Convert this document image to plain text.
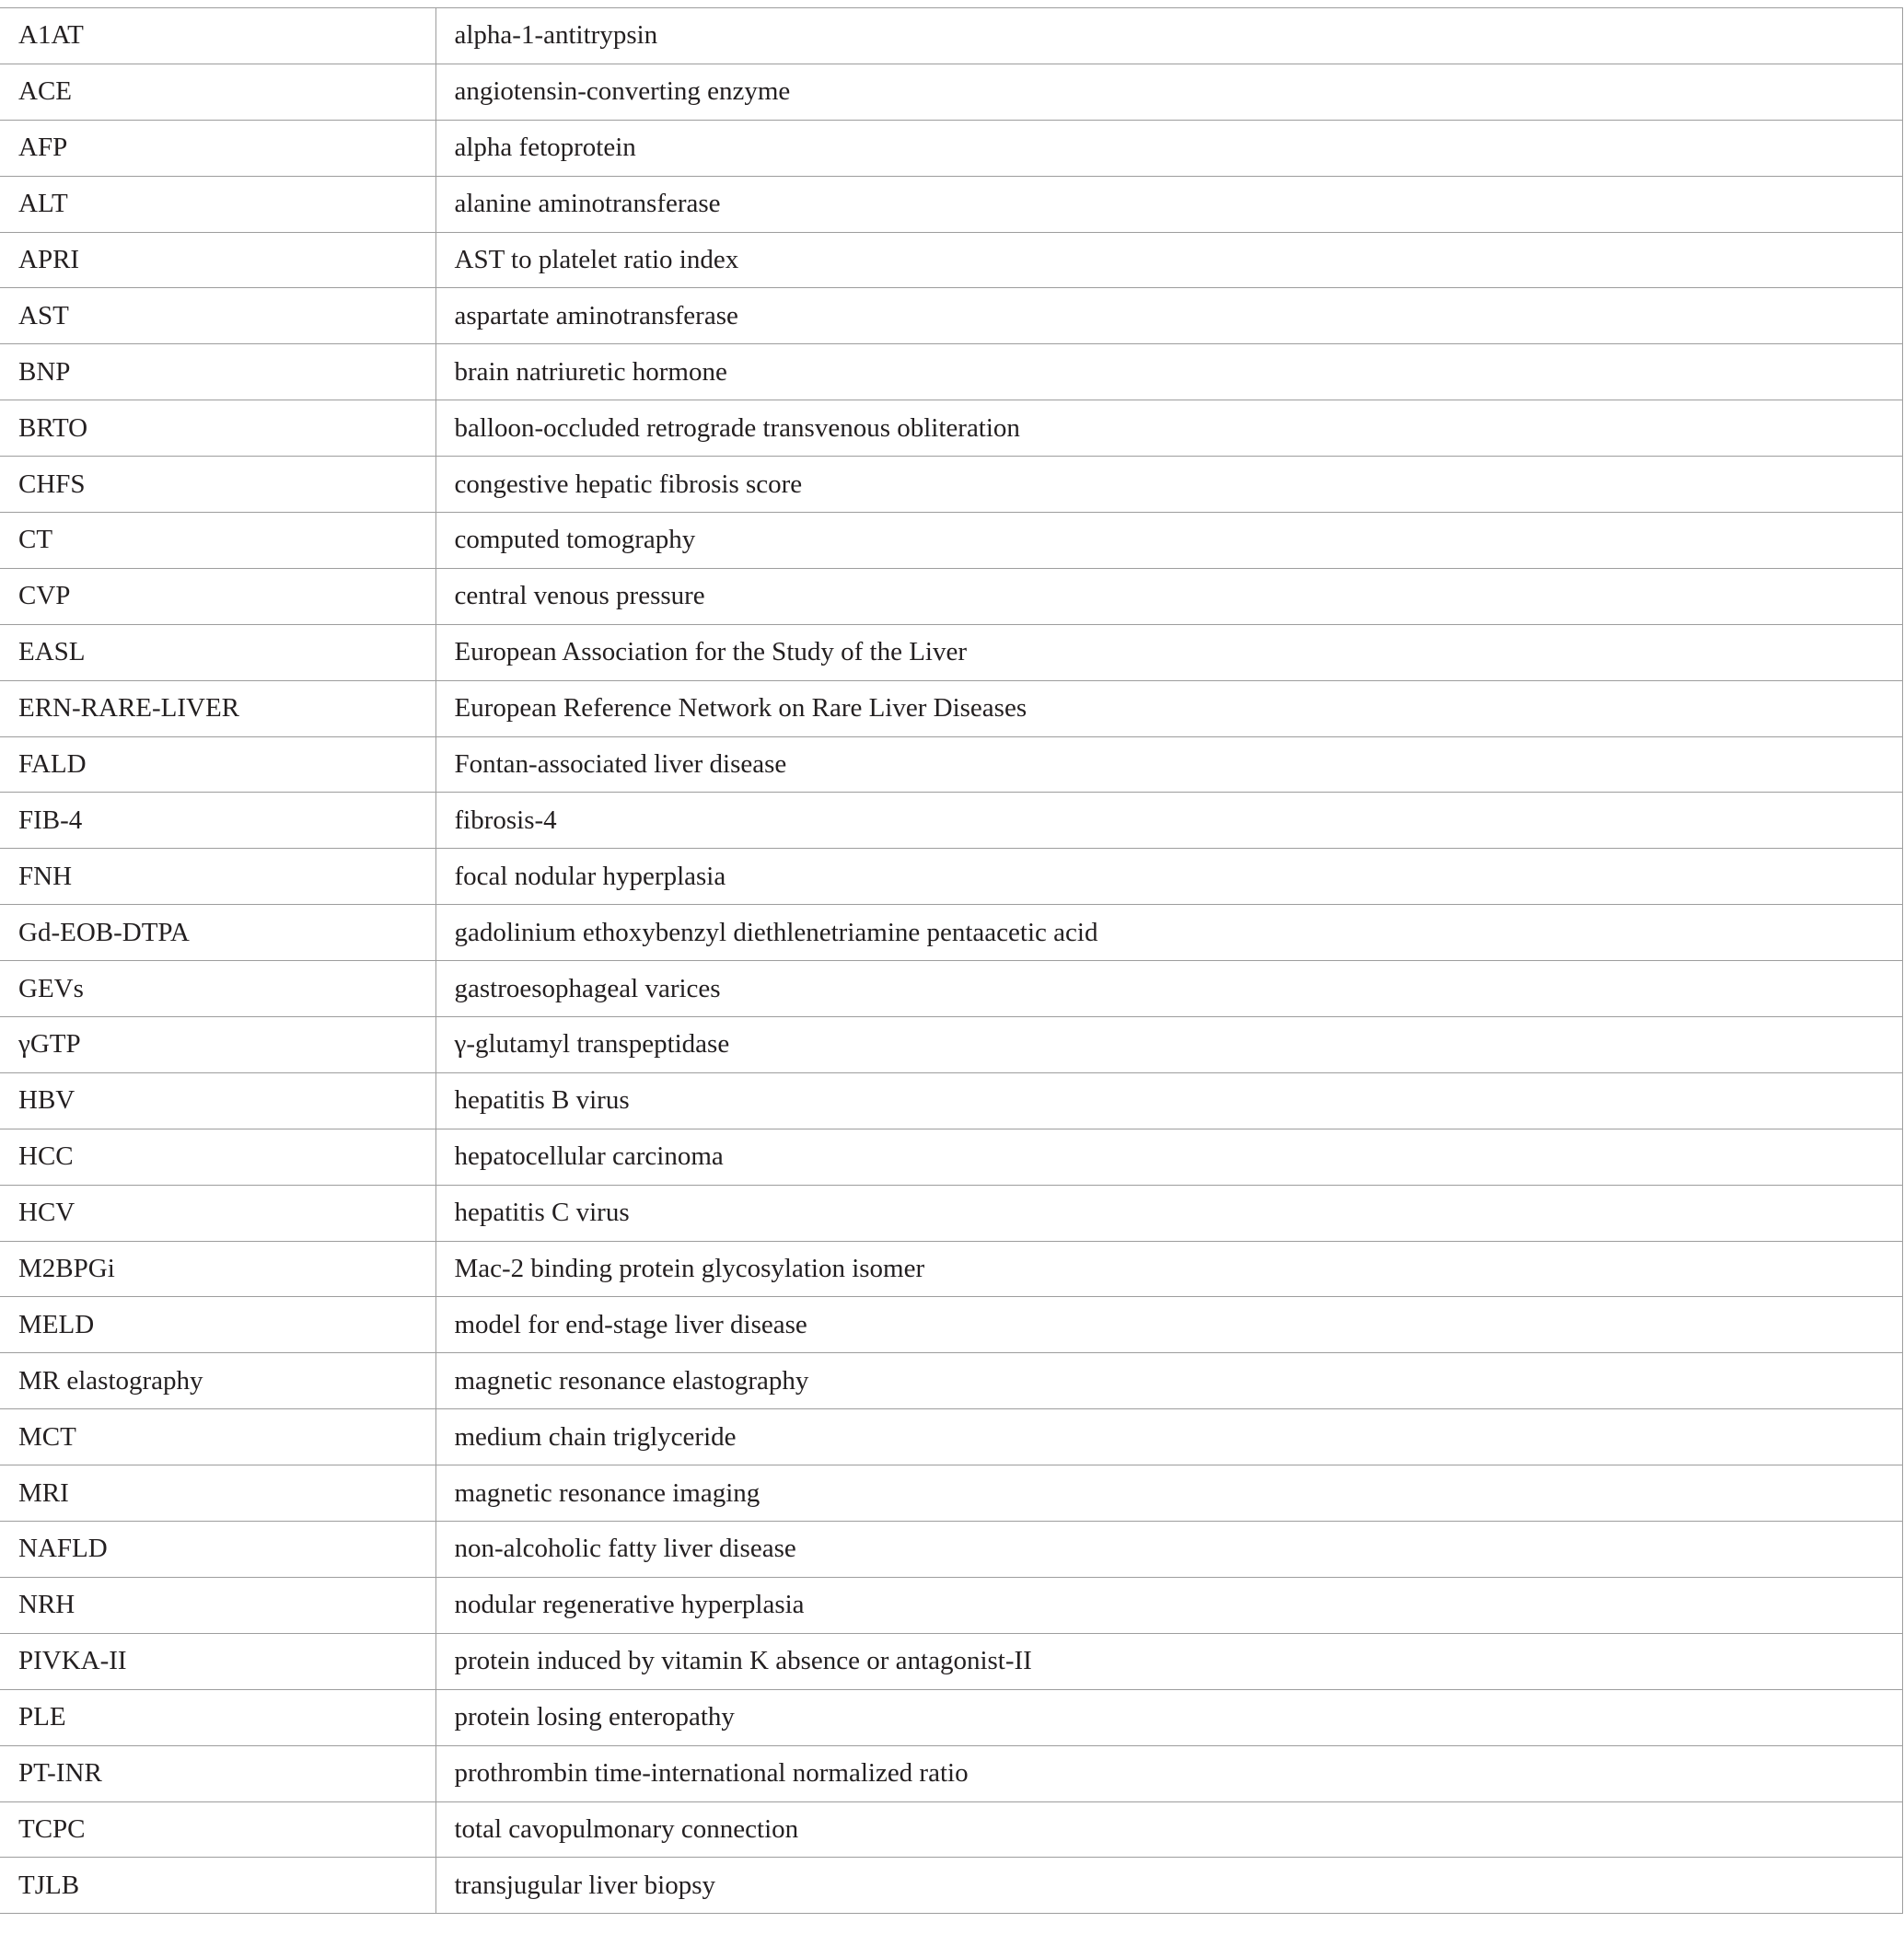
A1AT	alpha-1-antitrypsin
ACE	angiotensin-converting enzyme
AFP	alpha fetoprotein
ALT	alanine aminotransferase
APRI	AST to platelet ratio index
AST	aspartate aminotransferase
BNP	brain natriuretic hormone
BRTO	balloon-occluded retrograde transvenous obliteration
CHFS	congestive hepatic fibrosis score
CT	computed tomography
CVP	central venous pressure
EASL	European Association for the Study of the Liver
ERN-RARE-LIVER	European Reference Network on Rare Liver Diseases
FALD	Fontan-associated liver disease
FIB-4	fibrosis-4
FNH	focal nodular hyperplasia
Gd-EOB-DTPA	gadolinium ethoxybenzyl diethlenetriamine pentaacetic acid
GEVs	gastroesophageal varices
γGTP	γ-glutamyl transpeptidase
HBV	hepatitis B virus
HCC	hepatocellular carcinoma
HCV	hepatitis C virus
M2BPGi	Mac-2 binding protein glycosylation isomer
MELD	model for end-stage liver disease
MR elastography	magnetic resonance elastography
MCT	medium chain triglyceride
MRI	magnetic resonance imaging
NAFLD	non-alcoholic fatty liver disease
NRH	nodular regenerative hyperplasia
PIVKA-II	protein induced by vitamin K absence or antagonist-II
PLE	protein losing enteropathy
PT-INR	prothrombin time-international normalized ratio
TCPC	total cavopulmonary connection
TJLB	transjugular liver biopsy
